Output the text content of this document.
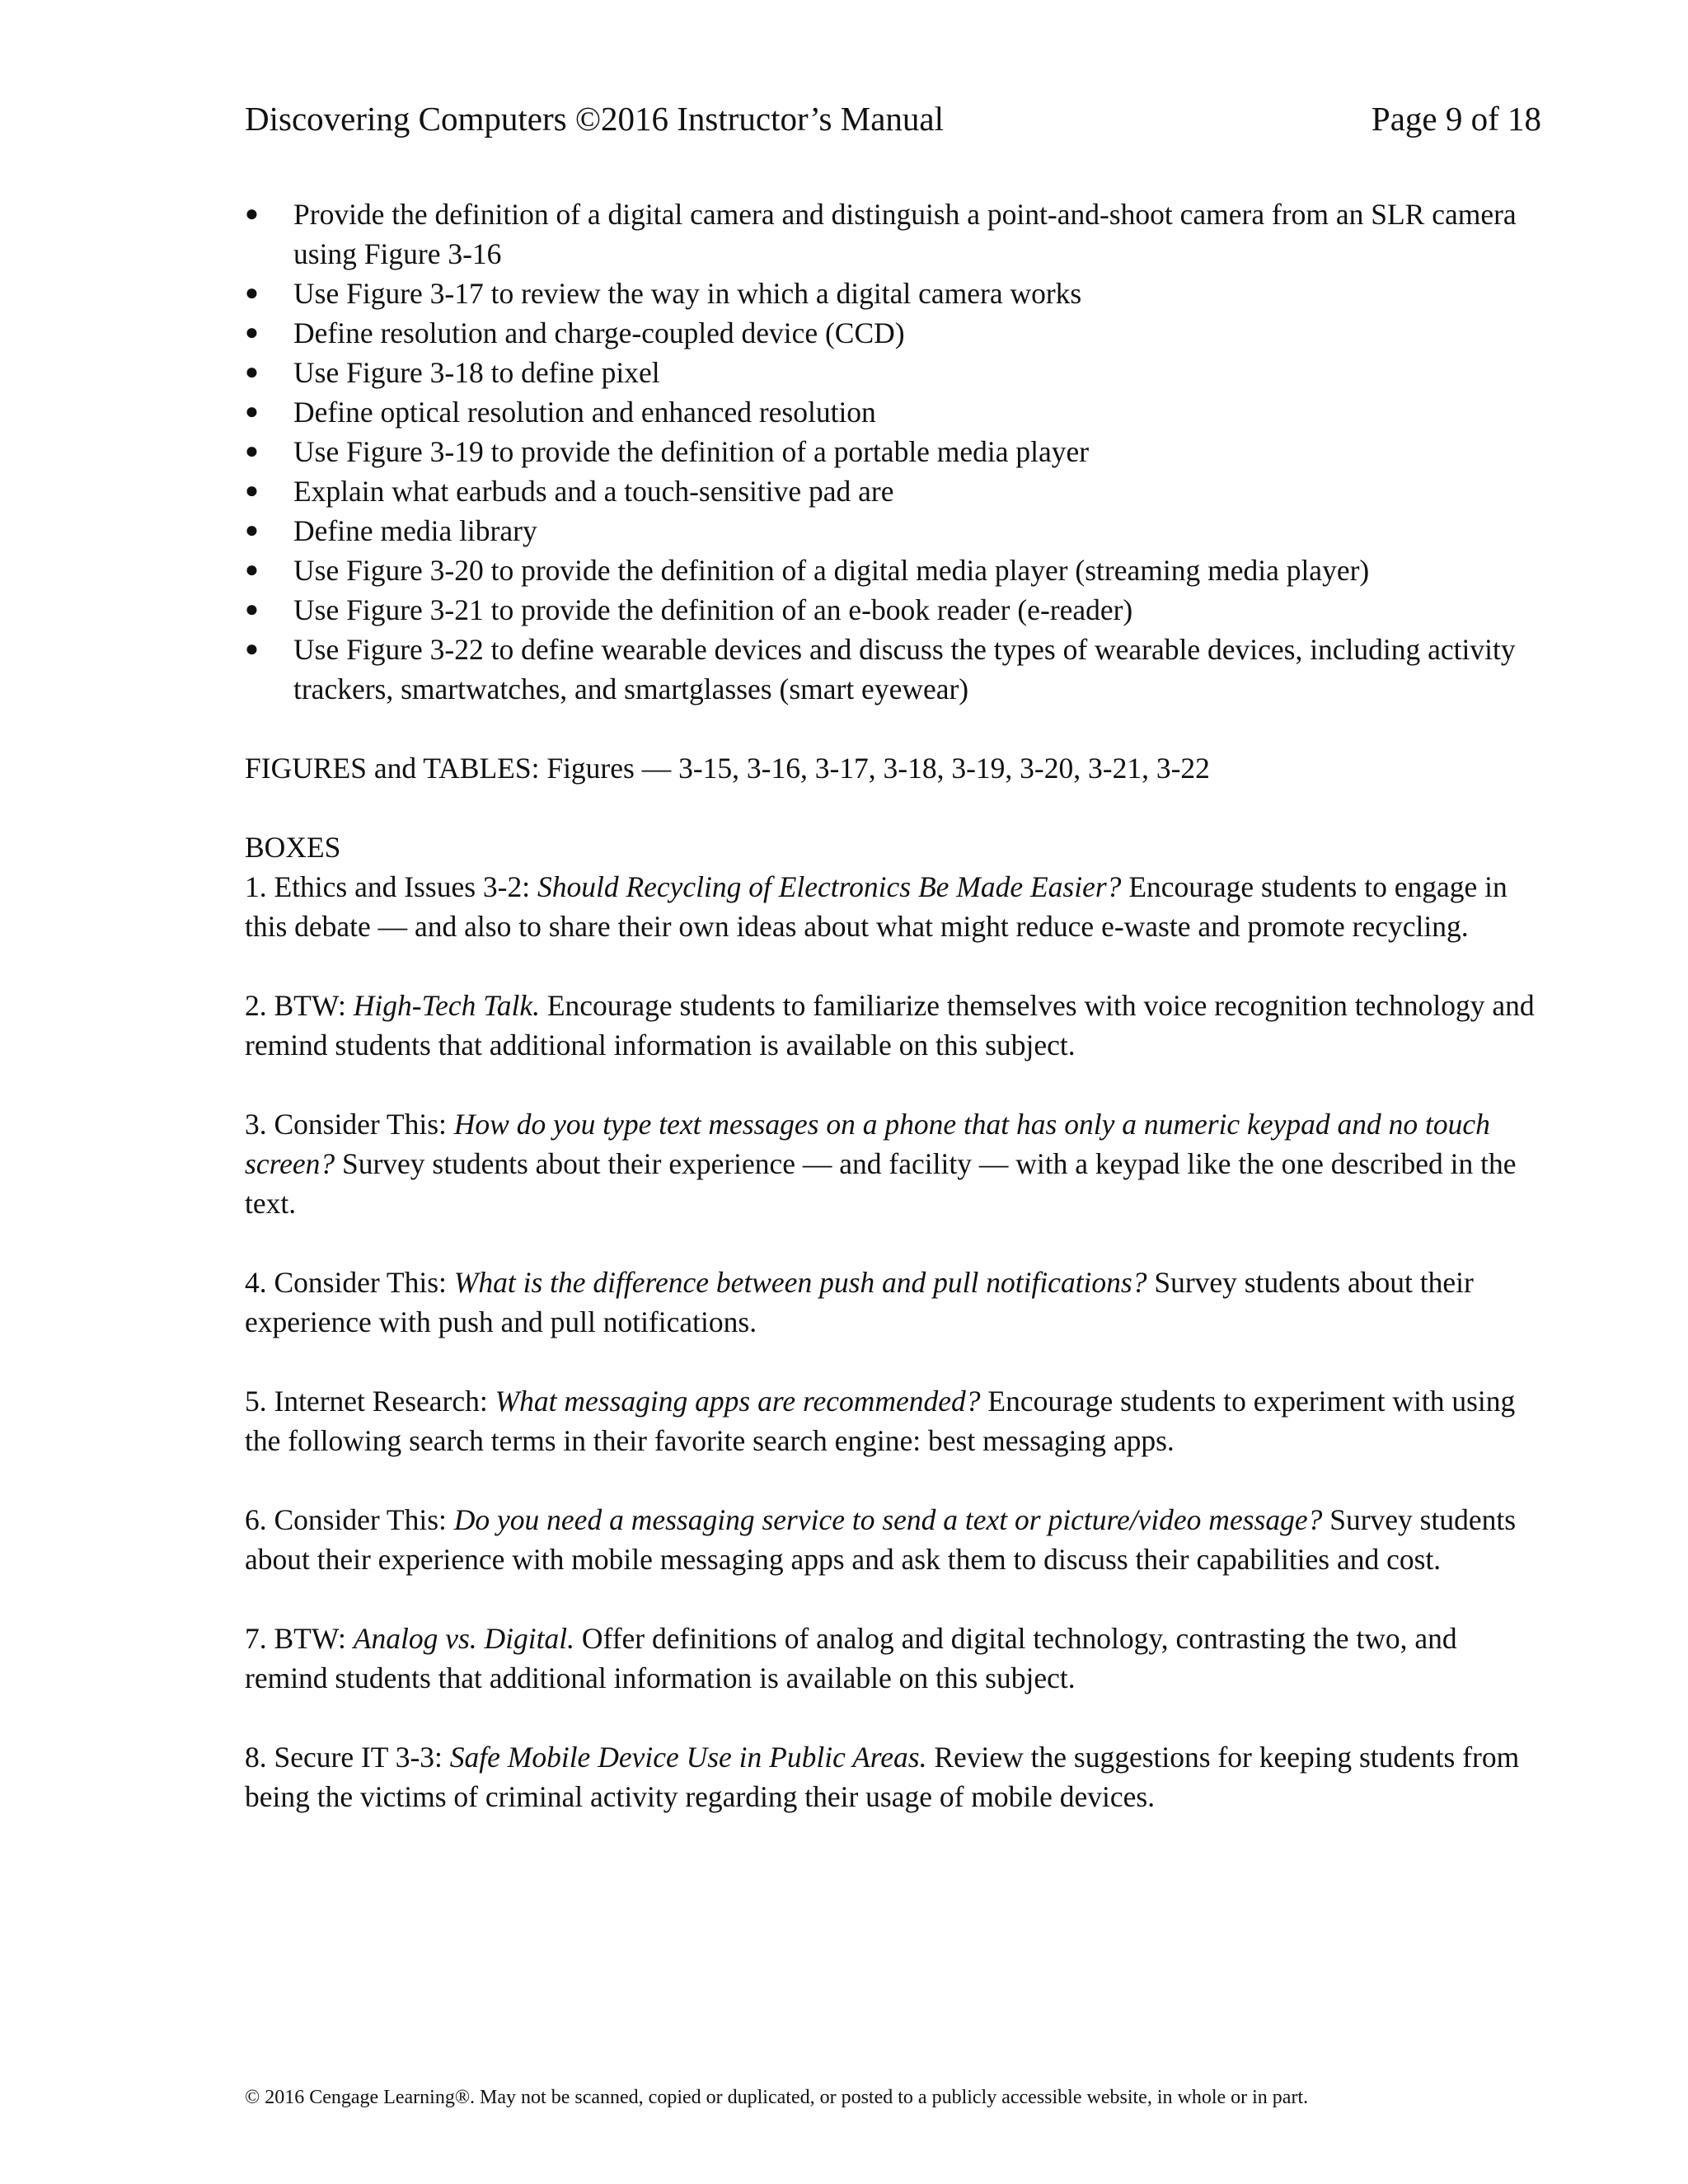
Discovering Computers ©2016 Instructor’s Manual	Page 9 of 18
● Provide the definition of a digital camera and distinguish a point-and-shoot camera from an SLR camera using Figure 3-16
● Use Figure 3-17 to review the way in which a digital camera works
● Define resolution and charge-coupled device (CCD)
● Use Figure 3-18 to define pixel
● Define optical resolution and enhanced resolution
● Use Figure 3-19 to provide the definition of a portable media player
● Explain what earbuds and a touch-sensitive pad are
● Define media library
● Use Figure 3-20 to provide the definition of a digital media player (streaming media player)
● Use Figure 3-21 to provide the definition of an e-book reader (e-reader)
● Use Figure 3-22 to define wearable devices and discuss the types of wearable devices, including activity trackers, smartwatches, and smartglasses (smart eyewear)

FIGURES and TABLES: Figures — 3-15, 3-16, 3-17, 3-18, 3-19, 3-20, 3-21, 3-22

BOXES

1. Ethics and Issues 3-2: Should Recycling of Electronics Be Made Easier? Encourage students to engage in this debate — and also to share their own ideas about what might reduce e-waste and promote recycling.

2. BTW: High-Tech Talk. Encourage students to familiarize themselves with voice recognition technology and remind students that additional information is available on this subject.

3. Consider This: How do you type text messages on a phone that has only a numeric keypad and no touch screen? Survey students about their experience — and facility — with a keypad like the one described in the text.

4. Consider This: What is the difference between push and pull notifications? Survey students about their experience with push and pull notifications.

5. Internet Research: What messaging apps are recommended? Encourage students to experiment with using the following search terms in their favorite search engine: best messaging apps.

6. Consider This: Do you need a messaging service to send a text or picture/video message? Survey students about their experience with mobile messaging apps and ask them to discuss their capabilities and cost.

7. BTW: Analog vs. Digital. Offer definitions of analog and digital technology, contrasting the two, and remind students that additional information is available on this subject.

8. Secure IT 3-3: Safe Mobile Device Use in Public Areas. Review the suggestions for keeping students from being the victims of criminal activity regarding their usage of mobile devices.

© 2016 Cengage Learning®. May not be scanned, copied or duplicated, or posted to a publicly accessible website, in whole or in part.
